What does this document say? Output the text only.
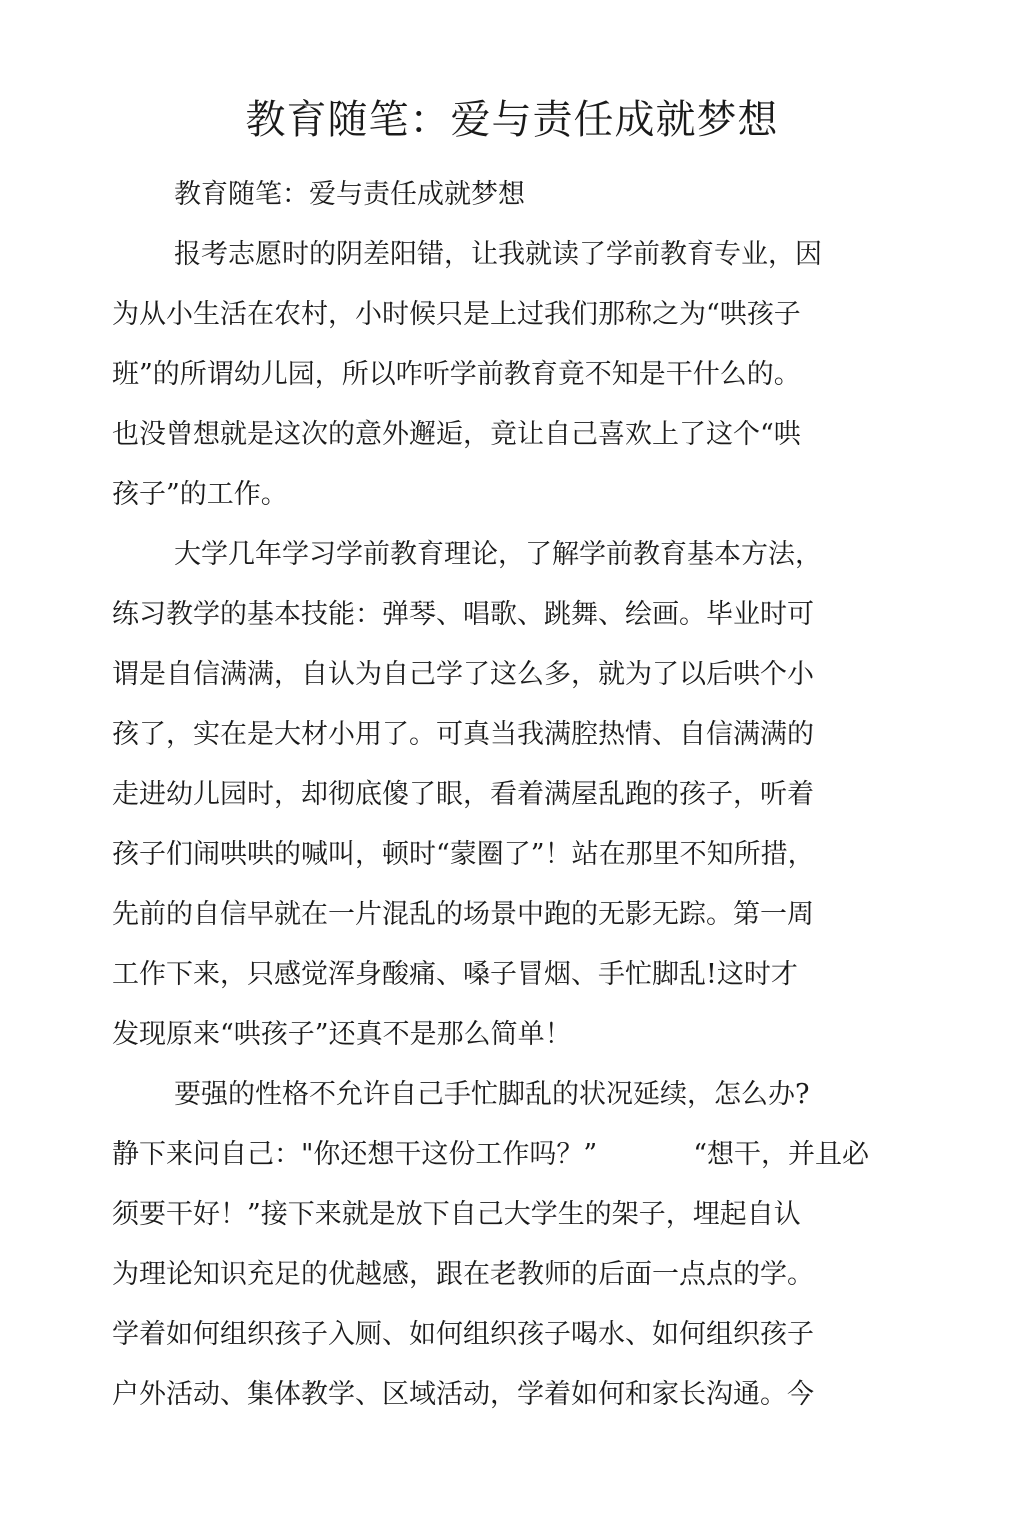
教育随笔：爱与责任成就梦想

教育随笔：爱与责任成就梦想

报考志愿时的阴差阳错，让我就读了学前教育专业，因

为从小生活在农村，小时候只是上过我们那称之为“哄孩子

班”的所谓幼儿园，所以咋听学前教育竟不知是干什么的。

也没曾想就是这次的意外邂逅，竟让自己喜欢上了这个“哄

孩子”的工作。

大学几年学习学前教育理论，了解学前教育基本方法，

练习教学的基本技能：弹琴、唱歌、跳舞、绘画。毕业时可

谓是自信满满，自认为自己学了这么多，就为了以后哄个小

孩了，实在是大材小用了。可真当我满腔热情、自信满满的

走进幼儿园时，却彻底傻了眼，看着满屋乱跑的孩子，听着

孩子们闹哄哄的喊叫，顿时“蒙圈了”！站在那里不知所措，

先前的自信早就在一片混乱的场景中跑的无影无踪。第一周

工作下来，只感觉浑身酸痛、嗓子冒烟、手忙脚乱!这时才

发现原来“哄孩子”还真不是那么简单！

要强的性格不允许自己手忙脚乱的状况延续，怎么办?

静下来问自己："你还想干这份工作吗？”	“想干，并且必

须要干好！”接下来就是放下自己大学生的架子，埋起自认

为理论知识充足的优越感，跟在老教师的后面一点点的学。

学着如何组织孩子入厕、如何组织孩子喝水、如何组织孩子

户外活动、集体教学、区域活动，学着如何和家长沟通。今
